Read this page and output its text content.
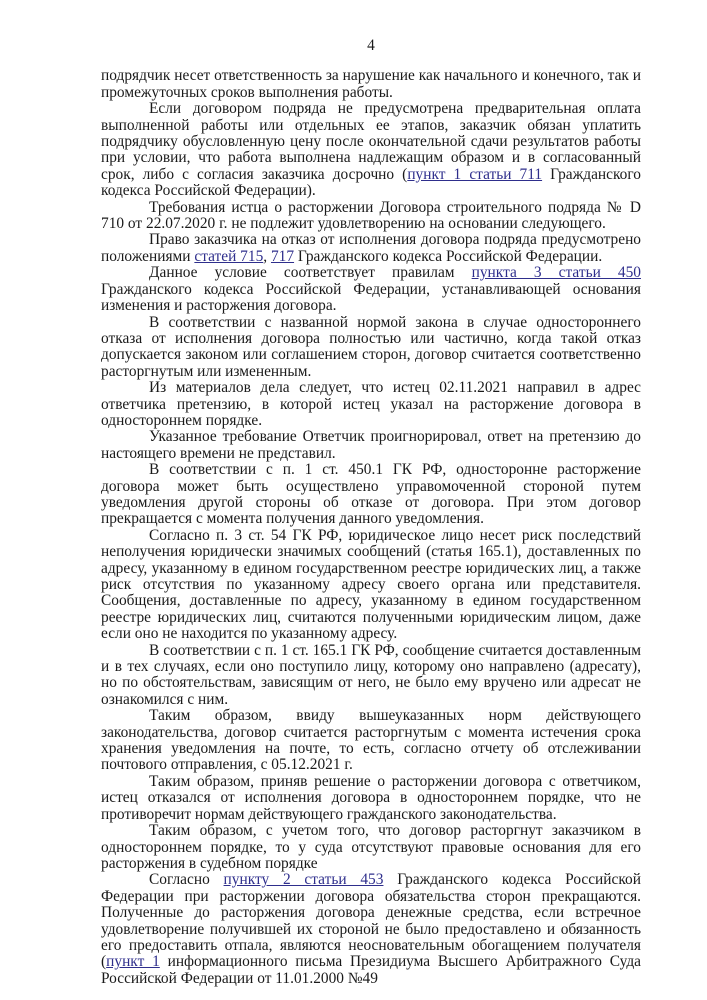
4

подрядчик несет ответственность за нарушение как начального и конечного, так и промежуточных сроков выполнения работы.

Если договором подряда не предусмотрена предварительная оплата выполненной работы или отдельных ее этапов, заказчик обязан уплатить подрядчику обусловленную цену после окончательной сдачи результатов работы при условии, что работа выполнена надлежащим образом и в согласованный срок, либо с согласия заказчика досрочно (пункт 1 статьи 711 Гражданского кодекса Российской Федерации).

Требования истца о расторжении Договора строительного подряда № D 710 от 22.07.2020 г. не подлежит удовлетворению на основании следующего.

Право заказчика на отказ от исполнения договора подряда предусмотрено положениями статей 715, 717 Гражданского кодекса Российской Федерации.

Данное условие соответствует правилам пункта 3 статьи 450 Гражданского кодекса Российской Федерации, устанавливающей основания изменения и расторжения договора.

В соответствии с названной нормой закона в случае одностороннего отказа от исполнения договора полностью или частично, когда такой отказ допускается законом или соглашением сторон, договор считается соответственно расторгнутым или измененным.

Из материалов дела следует, что истец 02.11.2021 направил в адрес ответчика претензию, в которой истец указал на расторжение договора в одностороннем порядке.

Указанное требование Ответчик проигнорировал, ответ на претензию до настоящего времени не представил.

В соответствии с п. 1 ст. 450.1 ГК РФ, односторонне расторжение договора может быть осуществлено управомоченной стороной путем уведомления другой стороны об отказе от договора. При этом договор прекращается с момента получения данного уведомления.

Согласно п. 3 ст. 54 ГК РФ, юридическое лицо несет риск последствий неполучения юридически значимых сообщений (статья 165.1), доставленных по адресу, указанному в едином государственном реестре юридических лиц, а также риск отсутствия по указанному адресу своего органа или представителя. Сообщения, доставленные по адресу, указанному в едином государственном реестре юридических лиц, считаются полученными юридическим лицом, даже если оно не находится по указанному адресу.

В соответствии с п. 1 ст. 165.1 ГК РФ, сообщение считается доставленным и в тех случаях, если оно поступило лицу, которому оно направлено (адресату), но по обстоятельствам, зависящим от него, не было ему вручено или адресат не ознакомился с ним.

Таким образом, ввиду вышеуказанных норм действующего законодательства, договор считается расторгнутым с момента истечения срока хранения уведомления на почте, то есть, согласно отчету об отслеживании почтового отправления, с 05.12.2021 г.

Таким образом, приняв решение о расторжении договора с ответчиком, истец отказался от исполнения договора в одностороннем порядке, что не противоречит нормам действующего гражданского законодательства.

Таким образом, с учетом того, что договор расторгнут заказчиком в одностороннем порядке, то у суда отсутствуют правовые основания для его расторжения в судебном порядке

Согласно пункту 2 статьи 453 Гражданского кодекса Российской Федерации при расторжении договора обязательства сторон прекращаются. Полученные до расторжения договора денежные средства, если встречное удовлетворение получившей их стороной не было предоставлено и обязанность его предоставить отпала, являются неосновательным обогащением получателя (пункт 1 информационного письма Президиума Высшего Арбитражного Суда Российской Федерации от 11.01.2000 №49
